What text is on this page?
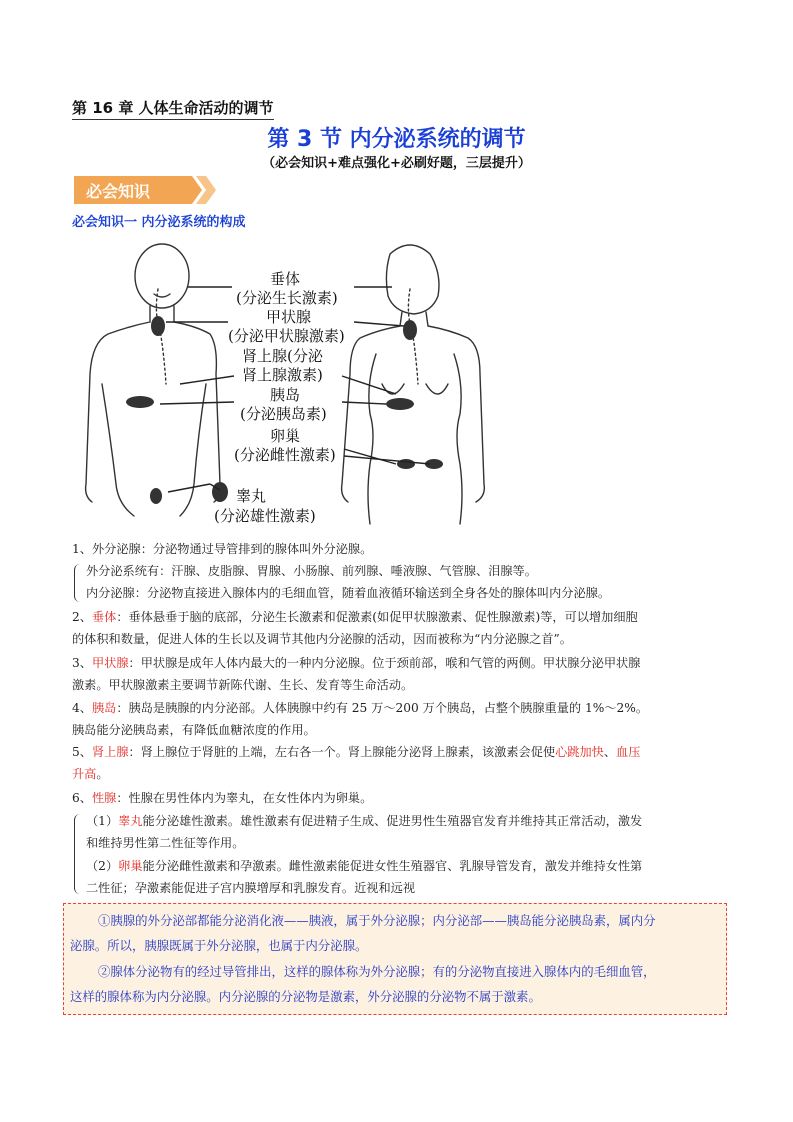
第 16 章 人体生命活动的调节
第 3 节 内分泌系统的调节
（必会知识+难点强化+必刷好题，三层提升）
必会知识
必会知识一 内分泌系统的构成
垂体
(分泌生长激素)
甲状腺
(分泌甲状腺激素)
肾上腺(分泌
肾上腺激素)
胰岛
(分泌胰岛素)
卵巢
(分泌雌性激素)
睾丸
(分泌雄性激素)
1、外分泌腺：分泌物通过导管排到的腺体叫外分泌腺。
外分泌系统有：汗腺、皮脂腺、胃腺、小肠腺、前列腺、唾液腺、气管腺、泪腺等。
内分泌腺：分泌物直接进入腺体内的毛细血管，随着血液循环输送到全身各处的腺体叫内分泌腺。
2、垂体：垂体悬垂于脑的底部，分泌生长激素和促激素(如促甲状腺激素、促性腺激素)等，可以增加细胞
的体积和数量，促进人体的生长以及调节其他内分泌腺的活动，因而被称为“内分泌腺之首”。
3、甲状腺：甲状腺是成年人体内最大的一种内分泌腺。位于颈前部，喉和气管的两侧。甲状腺分泌甲状腺
激素。甲状腺激素主要调节新陈代谢、生长、发育等生命活动。
4、胰岛：胰岛是胰腺的内分泌部。人体胰腺中约有 25 万～200 万个胰岛，占整个胰腺重量的 1%～2%。
胰岛能分泌胰岛素，有降低血糖浓度的作用。
5、肾上腺：肾上腺位于肾脏的上端，左右各一个。肾上腺能分泌肾上腺素，该激素会促使心跳加快、血压
升高。
6、性腺：性腺在男性体内为睾丸，在女性体内为卵巢。
（1）睾丸能分泌雄性激素。雄性激素有促进精子生成、促进男性生殖器官发育并维持其正常活动，激发
和维持男性第二性征等作用。
（2）卵巢能分泌雌性激素和孕激素。雌性激素能促进女性生殖器官、乳腺导管发育，激发并维持女性第
二性征；孕激素能促进子宫内膜增厚和乳腺发育。近视和远视

①胰腺的外分泌部都能分泌消化液——胰液，属于外分泌腺；内分泌部——胰岛能分泌胰岛素，属内分

泌腺。所以，胰腺既属于外分泌腺，也属于内分泌腺。

②腺体分泌物有的经过导管排出，这样的腺体称为外分泌腺；有的分泌物直接进入腺体内的毛细血管，

这样的腺体称为内分泌腺。内分泌腺的分泌物是激素，外分泌腺的分泌物不属于激素。
